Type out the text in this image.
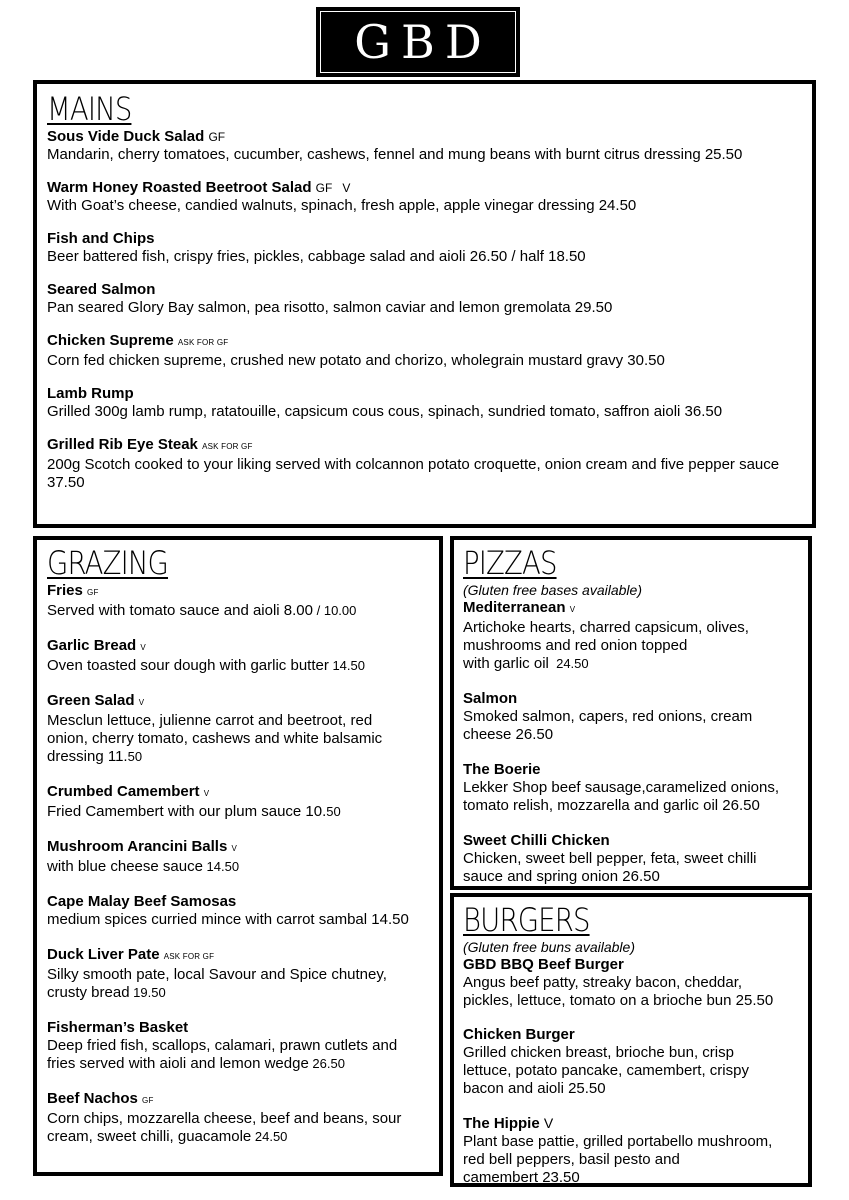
GBD
MAINS
Sous Vide Duck Salad GF
Mandarin, cherry tomatoes, cucumber, cashews, fennel and mung beans with burnt citrus dressing 25.50
Warm Honey Roasted Beetroot Salad GF   V
With Goat’s cheese, candied walnuts, spinach, fresh apple, apple vinegar dressing 24.50
Fish and Chips
Beer battered fish, crispy fries, pickles, cabbage salad and aioli 26.50 / half 18.50
Seared Salmon
Pan seared Glory Bay salmon, pea risotto, salmon caviar and lemon gremolata 29.50
Chicken Supreme ASK FOR GF
Corn fed chicken supreme, crushed new potato and chorizo, wholegrain mustard gravy 30.50
Lamb Rump
Grilled 300g lamb rump, ratatouille, capsicum cous cous, spinach, sundried tomato, saffron aioli 36.50
Grilled Rib Eye Steak ASK FOR GF
200g Scotch cooked to your liking served with colcannon potato croquette, onion cream and five pepper sauce 37.50
GRAZING
Fries GF
Served with tomato sauce and aioli 8.00 / 10.00
Garlic Bread V
Oven toasted sour dough with garlic butter 14.50
Green Salad V
Mesclun lettuce, julienne carrot and beetroot, red onion, cherry tomato, cashews and white balsamic dressing 11.50
Crumbed Camembert V
Fried Camembert with our plum sauce 10.50
Mushroom Arancini Balls V
with blue cheese sauce 14.50
Cape Malay Beef Samosas
medium spices curried mince with carrot sambal 14.50
Duck Liver Pate ASK FOR GF
Silky smooth pate, local Savour and Spice chutney, crusty bread 19.50
Fisherman’s Basket
Deep fried fish, scallops, calamari, prawn cutlets and fries served with aioli and lemon wedge 26.50
Beef Nachos GF
Corn chips, mozzarella cheese, beef and beans, sour cream, sweet chilli, guacamole 24.50
PIZZAS
(Gluten free bases available)
Mediterranean V
Artichoke hearts, charred capsicum, olives,
mushrooms and red onion topped
with garlic oil  24.50
Salmon
Smoked salmon, capers, red onions, cream
cheese 26.50
The Boerie
Lekker Shop beef sausage,caramelized onions,
tomato relish, mozzarella and garlic oil 26.50
Sweet Chilli Chicken
Chicken, sweet bell pepper, feta, sweet chilli
sauce and spring onion 26.50
BURGERS
(Gluten free buns available)
GBD BBQ Beef Burger
Angus beef patty, streaky bacon, cheddar,
pickles, lettuce, tomato on a brioche bun 25.50
Chicken Burger
Grilled chicken breast, brioche bun, crisp
lettuce, potato pancake, camembert, crispy
bacon and aioli 25.50
The Hippie V
Plant base pattie, grilled portabello mushroom,
red bell peppers, basil pesto and
camembert 23.50
